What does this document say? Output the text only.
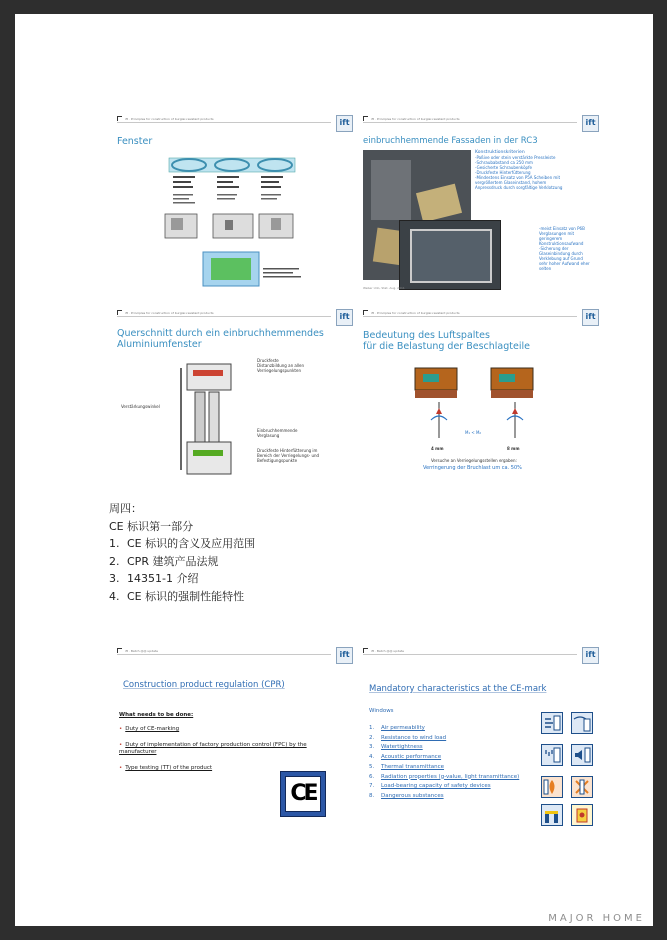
ift · Principles for construction of burglar-resistant products	ift
Fenster
ift · Principles for construction of burglar-resistant products	ift
einbruchhemmende Fassaden in der RC3
Konstruktionskriterien
-Paßive oder stein verstärkte Pressleiste
-Schraubabstand ca 250 mm
-Gesicherte Schraubenköpfe
-Druckfeste Hinterfütterung
-Mindestens Einsatz von P5A Scheiben mit vergrößertem Glaseinstand, hohem Anpressdruck durch sorgfältige Verklotzung
-meist Einsatz von P6B
Verglasungen mit
geringerem
Konstruktionsaufwand
-Sicherung der
Glaseinbindung durch
Verklebung auf Grund
sehr hoher Aufwand eher
selten
Weber Udo, Stat. Aug. 2011
ift · Principles for construction of burglar-resistant products	ift
Querschnitt durch ein einbruchhemmendes
Aluminiumfenster
Druckfeste Distanzbildung an allen Verriegelungspunkten
Verstärkungswinkel
Einbruchhemmende Verglasung
Druckfeste Hinterfütterung im Bereich der Verriegelungs- und Befestigungspunkte
ift · Principles for construction of burglar-resistant products	ift
Bedeutung des Luftspaltes
für die Belastung der Beschlagteile
4 mm	8 mm
M₁ < M₂
Versuche an Verriegelungsstellen ergaben:
Verringerung der Bruchlast um ca. 50%
周四：
CE 标识第一部分
1. CE 标识的含义及应用范围
2. CPR 建筑产品法规
3. 14351-1 介绍
4. CE 标识的强制性能特性
ift · Batch @@ update	ift
Construction product regulation (CPR)
What needs to be done:
• Duty of CE-marking
• Duty of implementation of factory production control (FPC) by the manufacturer
• Type testing (TT) of the product
CE
ift · Batch @@ update	ift
Mandatory characteristics at the CE-mark
Windows
1. Air permeability
2. Resistance to wind load
3. Watertightness
4. Acoustic performance
5. Thermal transmittance
6. Radiation properties (g-value, light transmittance)
7. Load-bearing capacity of safety devices
8. Dangerous substances
MAJOR HOME
